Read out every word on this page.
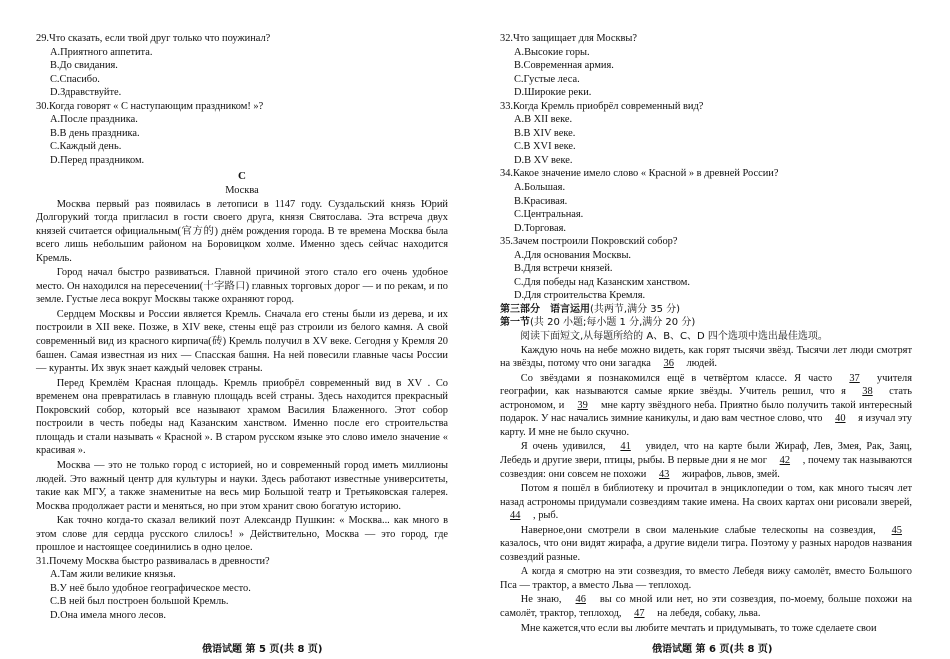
29.Что сказать, если твой друг только что поужинал?
A.Приятного аппетита.
B.До свидания.
C.Спасибо.
D.Здравствуйте.
30.Когда говорят « С наступающим праздником! »?
A.После праздника.
B.В день праздника.
C.Каждый день.
D.Перед праздником.
C
Москва

Москва первый раз появилась в летописи в 1147 году. Суздальский князь Юрий Долгорукий тогда пригласил в гости своего друга, князя Святослава. Эта встреча двух князей считается официальным(官方的) днём рождения города. В те времена Москва была всего лишь небольшим районом на Боровицком холме. Именно здесь сейчас находится Кремль.

Город начал быстро развиваться. Главной причиной этого стало его очень удобное место. Он находился на пересечении(十字路口) главных торговых дорог — и по рекам, и по земле. Густые леса вокруг Москвы также охраняют город.

Сердцем Москвы и России является Кремль. Сначала его стены были из дерева, и их построили в XII веке. Позже, в XIV веке, стены ещё раз строили из белого камня. А свой современный вид из красного кирпича(砖) Кремль получил в XV веке. Сегодня у Кремля 20 башен. Самая известная из них — Спасская башня. На ней повесили главные часы России — куранты. Их звук знает каждый человек страны.

Перед Кремлём Красная площадь. Кремль приобрёл современный вид в XV . Со временем она превратилась в главную площадь всей страны. Здесь находится прекрасный Покровский собор, который все называют храмом Василия Блаженного. Этот собор построили в честь победы над Казанским ханством. Именно после его строительства площадь и стали называть « Красной ». В старом русском языке это слово имело значение « красивая ».

Москва — это не только город с историей, но и современный город иметь миллионы людей. Это важный центр для культуры и науки. Здесь работают известные университеты, такие как МГУ, а также знаменитые на весь мир Большой театр и Третьяковская галерея. Москва продолжает расти и меняться, но при этом хранит свою богатую историю.

Как точно когда-то сказал великий поэт Александр Пушкин: « Москва... как много в этом слове для сердца русского слилось! » Действительно, Москва — это город, где прошлое и настоящее соединились в одно целое.

31.Почему Москва быстро развивалась в древности?
A.Там жили великие князья.
B.У неё было удобное географическое место.
C.В ней был построен большой Кремль.
D.Она имела много лесов.
俄语试题 第 5 页(共 8 页)
32.Что защищает для Москвы?
A.Высокие горы.
B.Современная армия.
C.Густые леса.
D.Широкие реки.
33.Когда Кремль приобрёл современный вид?
A.В XII веке.
B.В XIV веке.
C.В XVI веке.
D.В XV веке.
34.Какое значение имело слово « Красной » в древней России?
A.Большая.
B.Красивая.
C.Центральная.
D.Торговая.
35.Зачем построили Покровский собор?
A.Для основания Москвы.
B.Для встречи князей.
C.Для победы над Казанским ханством.
D.Для строительства Кремля.
第三部分　语言运用(共两节,满分 35 分)
第一节(共 20 小题;每小题 1 分,满分 20 分)
阅读下面短文,从每题所给的 A、B、C、D 四个选项中选出最佳选项。

Каждую ночь на небе можно видеть, как горят тысячи звёзд. Тысячи лет люди смотрят на звёзды, потому что они загадка 36 людей.

Со звёздами я познакомился ещё в четвёртом классе. Я часто 37 учителя географии, как называются самые яркие звёзды. Учитель решил, что я 38 стать астрономом, и 39 мне карту звёздного неба. Приятно было получить такой интересный подарок. У нас начались зимние каникулы, и даю вам честное слово, что 40 я изучал эту карту. И мне не было скучно.

Я очень удивился, 41 увидел, что на карте были Жираф, Лев, Змея, Рак, Заяц, Лебедь и другие звери, птицы, рыбы. В первые дни я не мог 42 , почему так называются созвездия: они совсем не похожи 43 жирафов, львов, змей.

Потом я пошёл в библиотеку и прочитал в энциклопедии о том, как много тысяч лет назад астрономы придумали созвездиям такие имена. На своих картах они рисовали зверей, 44 , рыб.

Наверное,они смотрели в свои маленькие слабые телескопы на созвездия, 45 казалось, что они видят жирафа, а другие видели тигра. Поэтому у разных народов названия созвездий разные.

А когда я смотрю на эти созвездия, то вместо Лебедя вижу самолёт, вместо Большого Пса — трактор, а вместо Льва — теплоход.

Не знаю, 46 вы со мной или нет, но эти созвездия, по-моему, больше похожи на самолёт, трактор, теплоход, 47 на лебедя, собаку, льва.

Мне кажется,что если вы любите мечтать и придумывать, то тоже сделаете свои

俄语试题 第 6 页(共 8 页)
